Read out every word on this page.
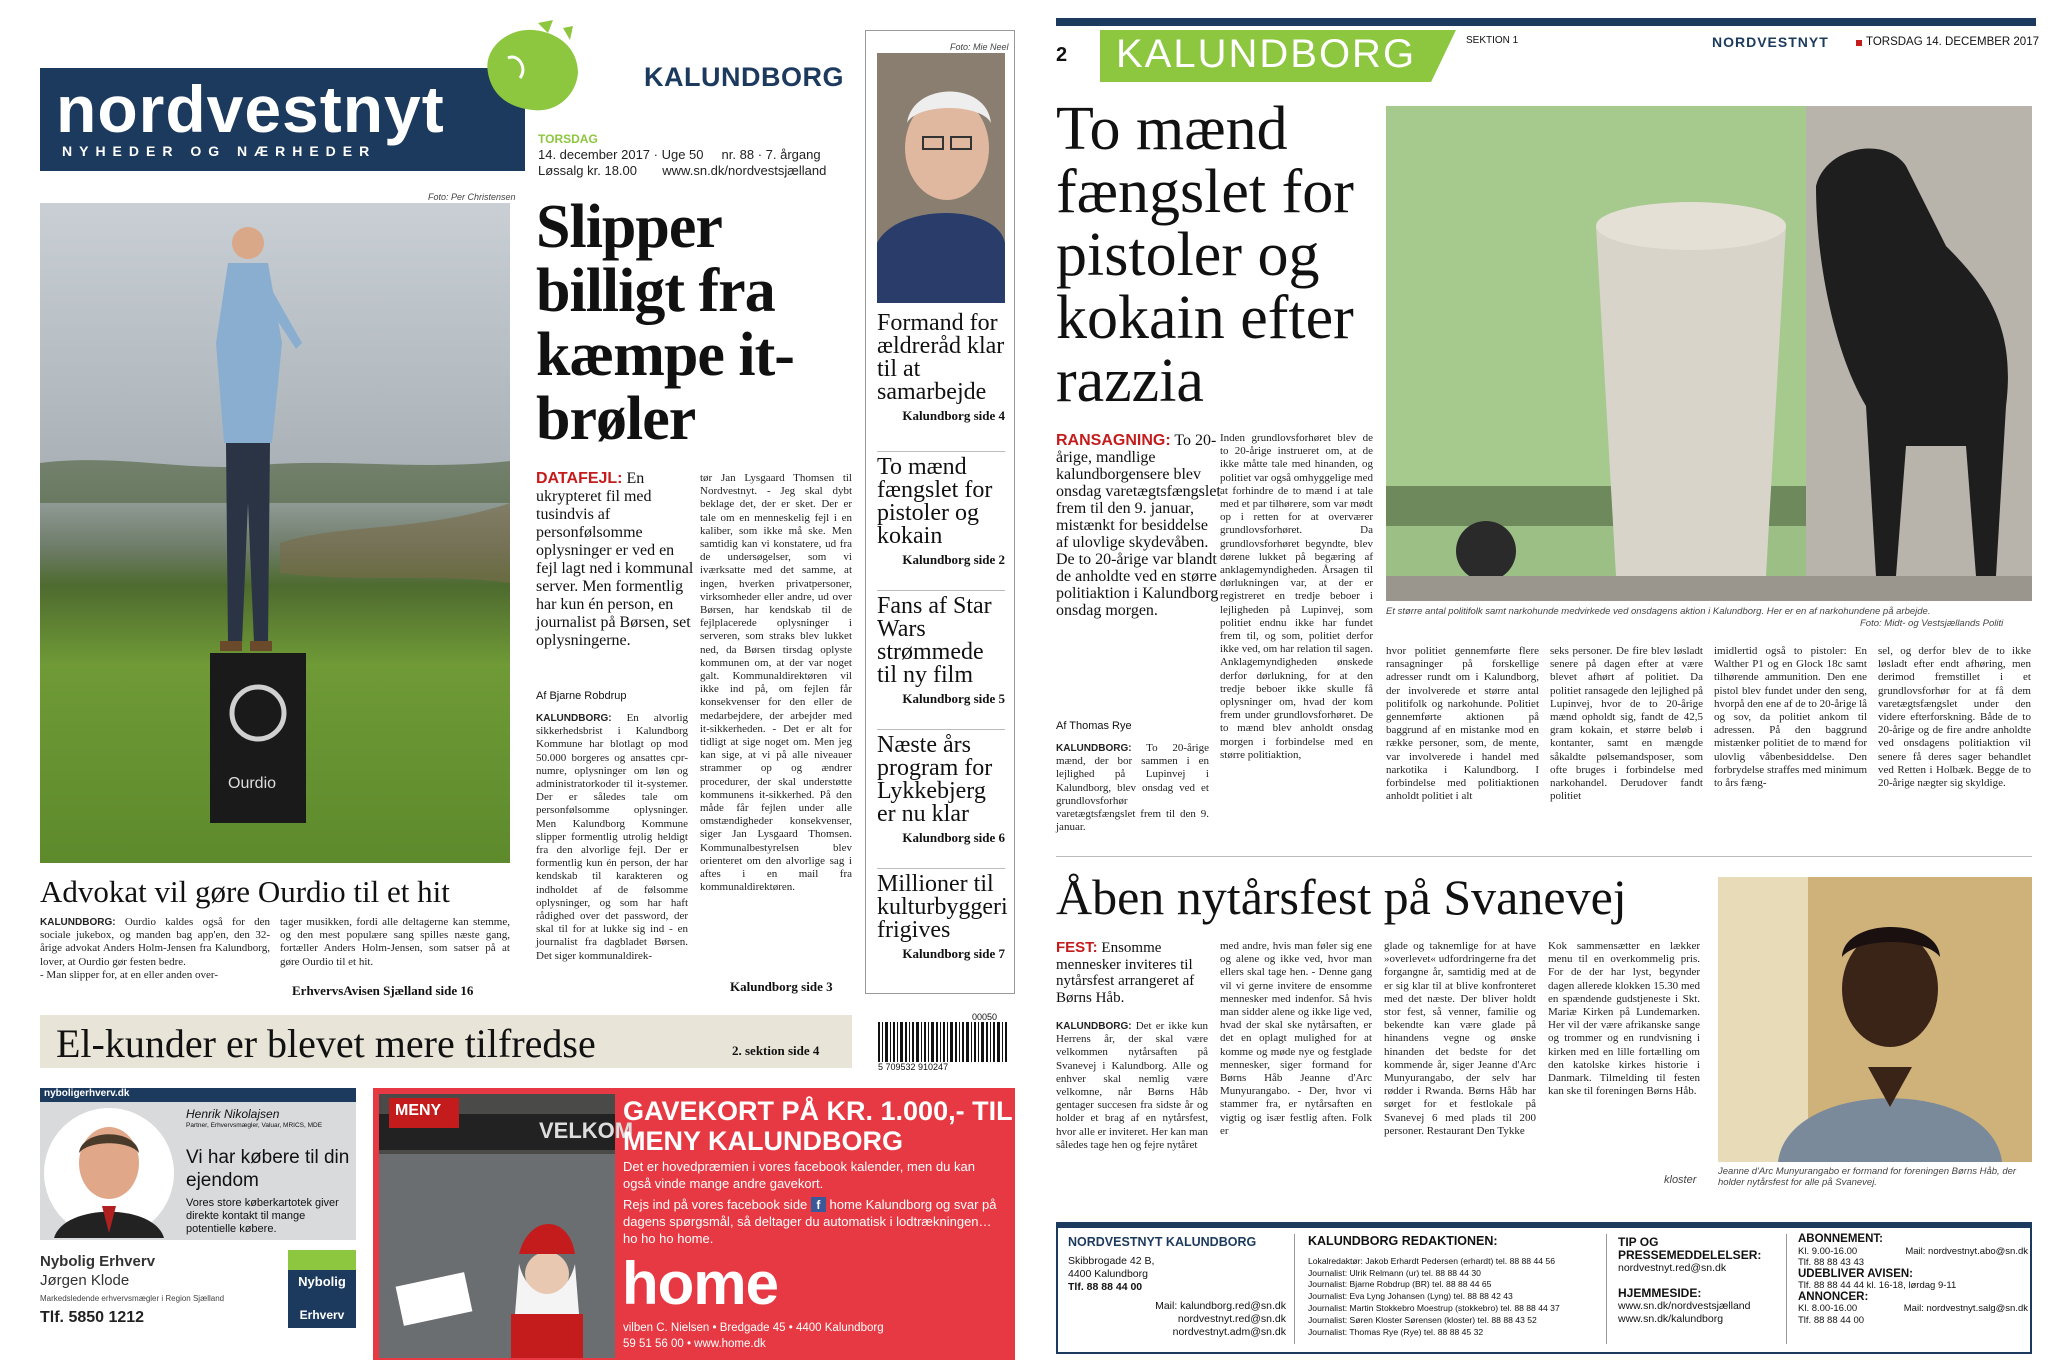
nordvestnyt
NYHEDER OG NÆRHEDER
KALUNDBORG
TORSDAG
14. december 2017 · Uge 50     nr. 88 · 7. årgang
Løssalg kr. 18.00       www.sn.dk/nordvestsjælland
Foto: Per Christensen
Ourdio
Advokat vil gøre Ourdio til et hit
KALUNDBORG: Ourdio kaldes også for den sociale jukebox, og manden bag app'en, den 32-årige advokat Anders Holm-Jensen fra Kalundborg, lover, at Ourdio gør festen bedre.
- Man slipper for, at en eller anden over-
tager musikken, fordi alle deltagerne kan stemme, og den mest populære sang spilles næste gang, fortæller Anders Holm-Jensen, som satser på at gøre Ourdio til et hit.
ErhvervsAvisen Sjælland side 16
Slipper billigt fra kæmpe it-brøler
DATAFEJL: En ukrypteret fil med tusindvis af personfølsomme oplysninger er ved en fejl lagt ned i kommunal server. Men formentlig har kun én person, en journalist på Børsen, set oplysningerne.
Af Bjarne Robdrup
KALUNDBORG: En alvorlig sikkerhedsbrist i Kalundborg Kommune har blotlagt op mod 50.000 borgeres og ansattes cpr-numre, oplysninger om løn og administratorkoder til it-systemer. Der er således tale om personfølsomme oplysninger. Men Kalundborg Kommune slipper formentlig utrolig heldigt fra den alvorlige fejl. Der er formentlig kun én person, der har kendskab til karakteren og indholdet af de følsomme oplysninger, og som har haft rådighed over det password, der skal til for at lukke sig ind - en journalist fra dagbladet Børsen. Det siger kommunaldirek-
tør Jan Lysgaard Thomsen til Nordvestnyt. - Jeg skal dybt beklage det, der er sket. Der er tale om en menneskelig fejl i en kaliber, som ikke må ske. Men samtidig kan vi konstatere, ud fra de undersøgelser, som vi iværksatte med det samme, at ingen, hverken privatpersoner, virksomheder eller andre, ud over Børsen, har kendskab til de fejlplacerede oplysninger i serveren, som straks blev lukket ned, da Børsen tirsdag oplyste kommunen om, at der var noget galt. Kommunaldirektøren vil ikke ind på, om fejlen får konsekvenser for den eller de medarbejdere, der arbejder med it-sikkerheden. - Det er alt for tidligt at sige noget om. Men jeg kan sige, at vi på alle niveauer strammer op og ændrer procedurer, der skal understøtte kommunens it-sikkerhed. På den måde får fejlen under alle omstændigheder konsekvenser, siger Jan Lysgaard Thomsen. Kommunalbestyrelsen blev orienteret om den alvorlige sag i aftes i en mail fra kommunaldirektøren.
Kalundborg side 3
Foto: Mie Neel
Formand for ældreråd klar til at samarbejde
Kalundborg side 4
To mænd fængslet for pistoler og kokain
Kalundborg side 2
Fans af Star Wars strømmede til ny film
Kalundborg side 5
Næste års program for Lykkebjerg er nu klar
Kalundborg side 6
Millioner til kulturbyggeri frigives
Kalundborg side 7
El-kunder er blevet mere tilfredse	2. sektion side 4
00050
5 709532 910247
nyboligerhverv.dk
Henrik Nikolajsen
Partner, Erhvervsmægler, Valuar, MRICS, MDE
Vi har købere til din ejendom
Vores store køberkartotek giver direkte kontakt til mange potentielle købere.
Nybolig Erhverv
Jørgen Klode
Markedsledende erhvervsmægler i Region Sjælland
Tlf. 5850 1212
Nybolig
Erhverv
MENY
VELKOM
GAVEKORT PÅ KR. 1.000,- TIL MENY KALUNDBORG
Det er hovedpræmien i vores facebook kalender, men du kan også vinde mange andre gavekort.
Rejs ind på vores facebook side f home Kalundborg og svar på dagens spørgsmål, så deltager du automatisk i lodtrækningen… ho ho ho home.
home
vilben C. Nielsen • Bredgade 45 • 4400 Kalundborg
59 51 56 00 • www.home.dk
2 KALUNDBORG	SEKTION 1	NORDVESTNYT	TORSDAG 14. DECEMBER 2017
To mænd fængslet for pistoler og kokain efter razzia
RANSAGNING: To 20-årige, mandlige kalundborgensere blev onsdag varetægtsfængslet frem til den 9. januar, mistænkt for besiddelse af ulovlige skydevåben. De to 20-årige var blandt de anholdte ved en større politiaktion i Kalundborg onsdag morgen.
Af Thomas Rye
KALUNDBORG: To 20-årige mænd, der bor sammen i en lejlighed på Lupinvej i Kalundborg, blev onsdag ved et grundlovsforhør varetægtsfængslet frem til den 9. januar.
Inden grundlovsforhøret blev de to 20-årige instrueret om, at de ikke måtte tale med hinanden, og politiet var også omhyggelige med at forhindre de to mænd i at tale med et par tilhørere, som var mødt op i retten for at overværer grundlovsforhøret. Da grundlovsforhøret begyndte, blev dørene lukket på begæring af anklagemyndigheden. Årsagen til dørlukningen var, at der er registreret en tredje beboer i lejligheden på Lupinvej, som politiet endnu ikke har fundet frem til, og som, politiet derfor ikke ved, om har relation til sagen. Anklagemyndigheden ønskede derfor dørlukning, for at den tredje beboer ikke skulle få oplysninger om, hvad der kom frem under grundlovsforhøret. De to mænd blev anholdt onsdag morgen i forbindelse med en større politiaktion,
Et større antal politifolk samt narkohunde medvirkede ved onsdagens aktion i Kalundborg. Her er en af narkohundene på arbejde.
Foto: Midt- og Vestsjællands Politi
hvor politiet gennemførte flere ransagninger på forskellige adresser rundt om i Kalundborg, der involverede et større antal politifolk og narkohunde. Politiet gennemførte aktionen på baggrund af en mistanke mod en række personer, som, de mente, var involverede i handel med narkotika i Kalundborg. I forbindelse med politiaktionen anholdt politiet i alt
seks personer. De fire blev løsladt senere på dagen efter at være blevet afhørt af politiet. Da politiet ransagede den lejlighed på Lupinvej, hvor de to 20-årige mænd opholdt sig, fandt de 42,5 gram kokain, et større beløb i kontanter, samt en mængde såkaldte pølsemandsposer, som ofte bruges i forbindelse med narkohandel. Derudover fandt politiet
imidlertid også to pistoler: En Walther P1 og en Glock 18c samt tilhørende ammunition. Den ene pistol blev fundet under den seng, hvorpå den ene af de to 20-årige lå og sov, da politiet ankom til adressen. På den baggrund mistænker politiet de to mænd for ulovlig våbenbesiddelse. Den forbrydelse straffes med minimum to års fæng-
sel, og derfor blev de to ikke løsladt efter endt afhøring, men derimod fremstillet i et grundlovsforhør for at få dem varetægtsfængslet under den videre efterforskning. Både de to 20-årige og de fire andre anholdte ved onsdagens politiaktion vil senere få deres sager behandlet ved Retten i Holbæk. Begge de to 20-årige nægter sig skyldige.
Åben nytårsfest på Svanevej
FEST: Ensomme mennesker inviteres til nytårsfest arrangeret af Børns Håb.
KALUNDBORG: Det er ikke kun Herrens år, der skal være velkommen nytårsaften på Svanevej i Kalundborg. Alle og enhver skal nemlig være velkomne, når Børns Håb gentager succesen fra sidste år og holder et brag af en nytårsfest, hvor alle er inviteret. Her kan man således tage hen og fejre nytåret
med andre, hvis man føler sig ene og alene og ikke ved, hvor man ellers skal tage hen. - Denne gang vil vi gerne invitere de ensomme mennesker med indenfor. Så hvis man sidder alene og ikke lige ved, hvad der skal ske nytårsaften, er det en oplagt mulighed for at komme og møde nye og festglade mennesker, siger formand for Børns Håb Jeanne d'Arc Munyurangabo. - Der, hvor vi stammer fra, er nytårsaften en vigtig og især festlig aften. Folk er
glade og taknemlige for at have »overlevet« udfordringerne fra det forgangne år, samtidig med at de er sig klar til at blive konfronteret med det næste. Der bliver holdt stor fest, så venner, familie og bekendte kan være glade på hinandens vegne og ønske hinanden det bedste for det kommende år, siger Jeanne d'Arc Munyurangabo, der selv har rødder i Rwanda. Børns Håb har sørget for et festlokale på Svanevej 6 med plads til 200 personer. Restaurant Den Tykke
Kok sammensætter en lækker menu til en overkommelig pris. For de der har lyst, begynder dagen allerede klokken 15.30 med en spændende gudstjeneste i Skt. Mariæ Kirken på Lundemarken. Her vil der være afrikanske sange og trommer og en rundvisning i kirken med en lille fortælling om den katolske kirkes historie i Danmark. Tilmelding til festen kan ske til foreningen Børns Håb.
kloster
Jeanne d'Arc Munyurangabo er formand for foreningen Børns Håb, der holder nytårsfest for alle på Svanevej.
NORDVESTNYT KALUNDBORG
Skibbrogade 42 B,
4400 Kalundborg
Tlf. 88 88 44 00
Mail: kalundborg.red@sn.dk
nordvestnyt.red@sn.dk
nordvestnyt.adm@sn.dk
KALUNDBORG REDAKTIONEN:
Lokalredaktør: Jakob Erhardt Pedersen (erhardt) tel. 88 88 44 56
Journalist: Ulrik Relmann (ur) tel. 88 88 44 30
Journalist: Bjarne Robdrup (BR) tel. 88 88 44 65
Journalist: Eva Lyng Johansen (Lyng) tel. 88 88 42 43
Journalist: Martin Stokkebro Moestrup (stokkebro) tel. 88 88 44 37
Journalist: Søren Kloster Sørensen (kloster) tel. 88 88 43 52
Journalist: Thomas Rye (Rye) tel. 88 88 45 32
TIP OG PRESSEMEDDELELSER:
nordvestnyt.red@sn.dk
HJEMMESIDE:
www.sn.dk/nordvestsjælland
www.sn.dk/kalundborg
ABONNEMENT:
Kl. 9.00-16.00	Mail: nordvestnyt.abo@sn.dk
Tlf. 88 88 43 43
UDEBLIVER AVISEN:
Tlf. 88 88 44 44 kl. 16-18, lørdag 9-11
ANNONCER:
Kl. 8.00-16.00	Mail: nordvestnyt.salg@sn.dk
Tlf. 88 88 44 00
